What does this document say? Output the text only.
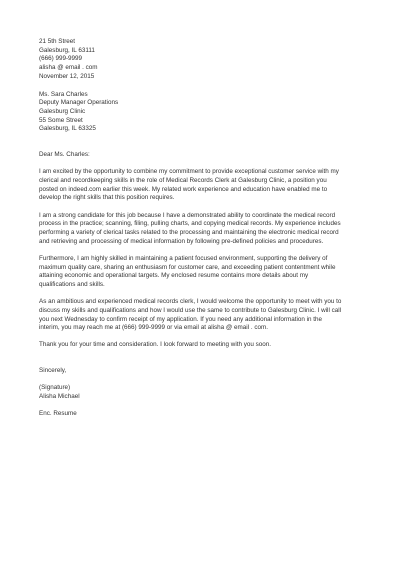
21 5th Street
Galesburg, IL 63111
(666) 999-9999
alisha @ email . com
November 12, 2015
Ms. Sara Charles
Deputy Manager Operations
Galesburg Clinic
55 Some Street
Galesburg, IL 63325
Dear Ms. Charles:
I am excited by the opportunity to combine my commitment to provide exceptional customer service with my
clerical and recordkeeping skills in the role of Medical Records Clerk at Galesburg Clinic, a position you
posted on indeed.com earlier this week. My related work experience and education have enabled me to
develop the right skills that this position requires.
I am a strong candidate for this job because I have a demonstrated ability to coordinate the medical record
process in the practice; scanning, filing, pulling charts, and copying medical records. My experience includes
performing a variety of clerical tasks related to the processing and maintaining the electronic medical record
and retrieving and processing of medical information by following pre-defined policies and procedures.
Furthermore, I am highly skilled in maintaining a patient focused environment, supporting the delivery of
maximum quality care, sharing an enthusiasm for customer care, and exceeding patient contentment while
attaining economic and operational targets. My enclosed resume contains more details about my
qualifications and skills.
As an ambitious and experienced medical records clerk, I would welcome the opportunity to meet with you to
discuss my skills and qualifications and how I would use the same to contribute to Galesburg Clinic. I will call
you next Wednesday to confirm receipt of my application. If you need any additional information in the
interim, you may reach me at (666) 999-9999 or via email at alisha @ email . com.
Thank you for your time and consideration. I look forward to meeting with you soon.
Sincerely,
(Signature)
Alisha Michael
Enc. Resume
